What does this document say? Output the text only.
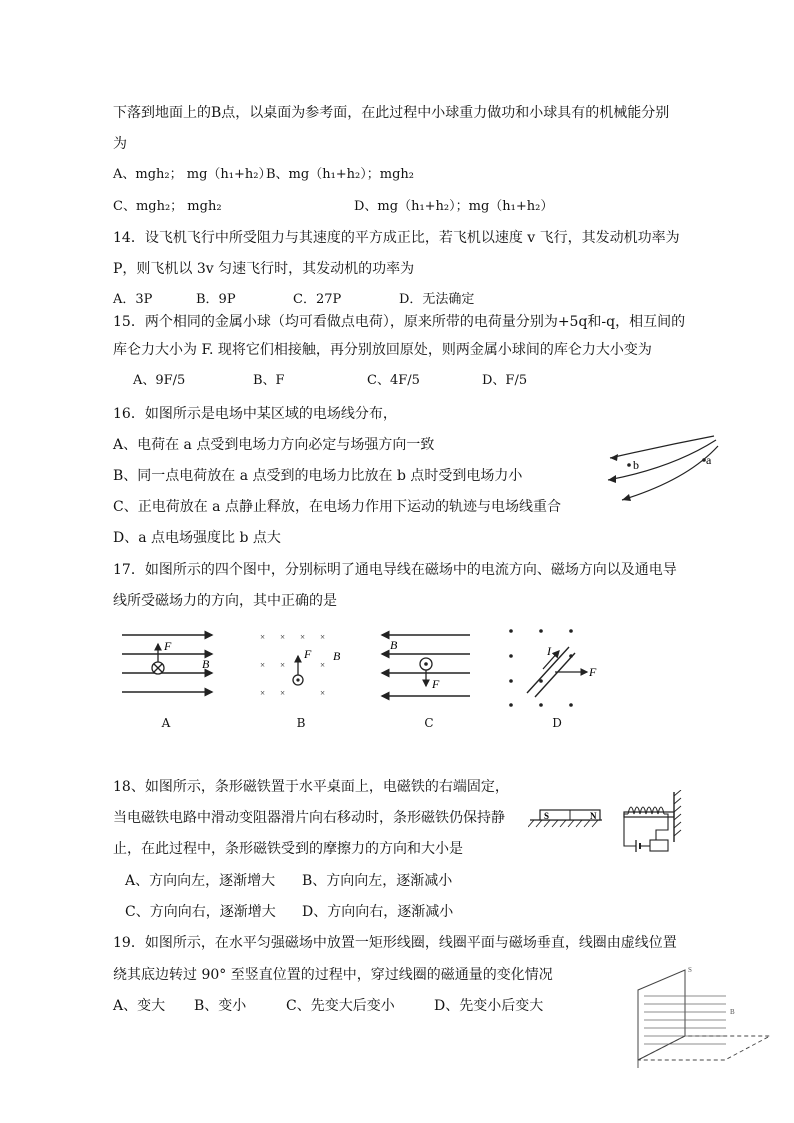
下落到地面上的B点，以桌面为参考面，在此过程中小球重力做功和小球具有的机械能分别
为
A、mgh₂； mg（h₁+h₂）
B、mg（h₁+h₂）；mgh₂
C、mgh₂； mgh₂	D、mg（h₁+h₂）；mg（h₁+h₂）
14．设飞机飞行中所受阻力与其速度的平方成正比，若飞机以速度 v 飞行，其发动机功率为
P，则飞机以 3v 匀速飞行时，其发动机的功率为
A．3P	B．9P	C．27P	D．无法确定
15．两个相同的金属小球（均可看做点电荷），原来所带的电荷量分别为+5q和-q，相互间的
库仑力大小为 F. 现将它们相接触，再分别放回原处，则两金属小球间的库仑力大小变为
A、9F/5	B、F	C、4F/5	D、F/5
16．如图所示是电场中某区域的电场线分布，
A、电荷在 a 点受到电场力方向必定与场强方向一致
B、同一点电荷放在 a 点受到的电场力比放在 b 点时受到电场力小
C、正电荷放在 a 点静止释放，在电场力作用下运动的轨迹与电场线重合
D、a 点电场强度比 b 点大
b	a
17．如图所示的四个图中，分别标明了通电导线在磁场中的电流方向、磁场方向以及通电导
线所受磁场力的方向，其中正确的是
F
B
A
× × × ×
× ×	×
× ×	×
F B
B
F
B
C
I
F
D
18、如图所示，条形磁铁置于水平桌面上，电磁铁的右端固定，
当电磁铁电路中滑动变阻器滑片向右移动时，条形磁铁仍保持静
止，在此过程中，条形磁铁受到的摩擦力的方向和大小是
A、方向向左，逐渐增大 B、方向向左，逐渐减小
C、方向向右，逐渐增大 D、方向向右，逐渐减小
S	N
19．如图所示，在水平匀强磁场中放置一矩形线圈，线圈平面与磁场垂直，线圈由虚线位置
绕其底边转过 90° 至竖直位置的过程中，穿过线圈的磁通量的变化情况
A、变大 B、变小	C、先变大后变小	D、先变小后变大
S
B
